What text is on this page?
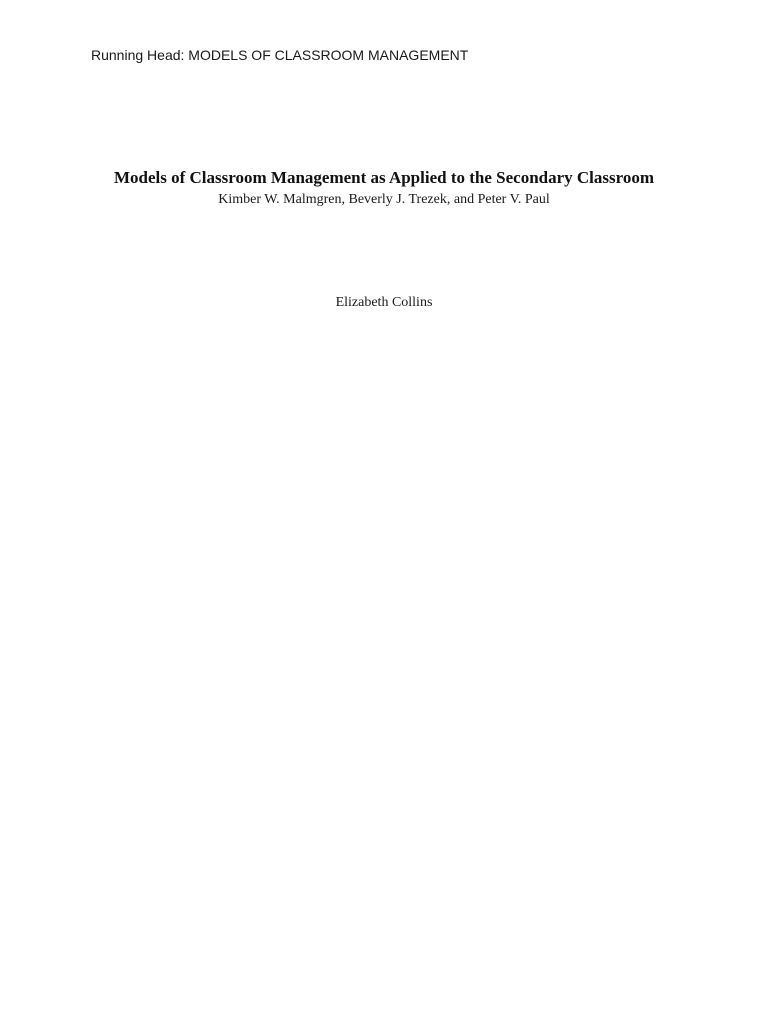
Running Head: MODELS OF CLASSROOM MANAGEMENT
Models of Classroom Management as Applied to the Secondary Classroom
Kimber W. Malmgren, Beverly J. Trezek, and Peter V. Paul
Elizabeth Collins
